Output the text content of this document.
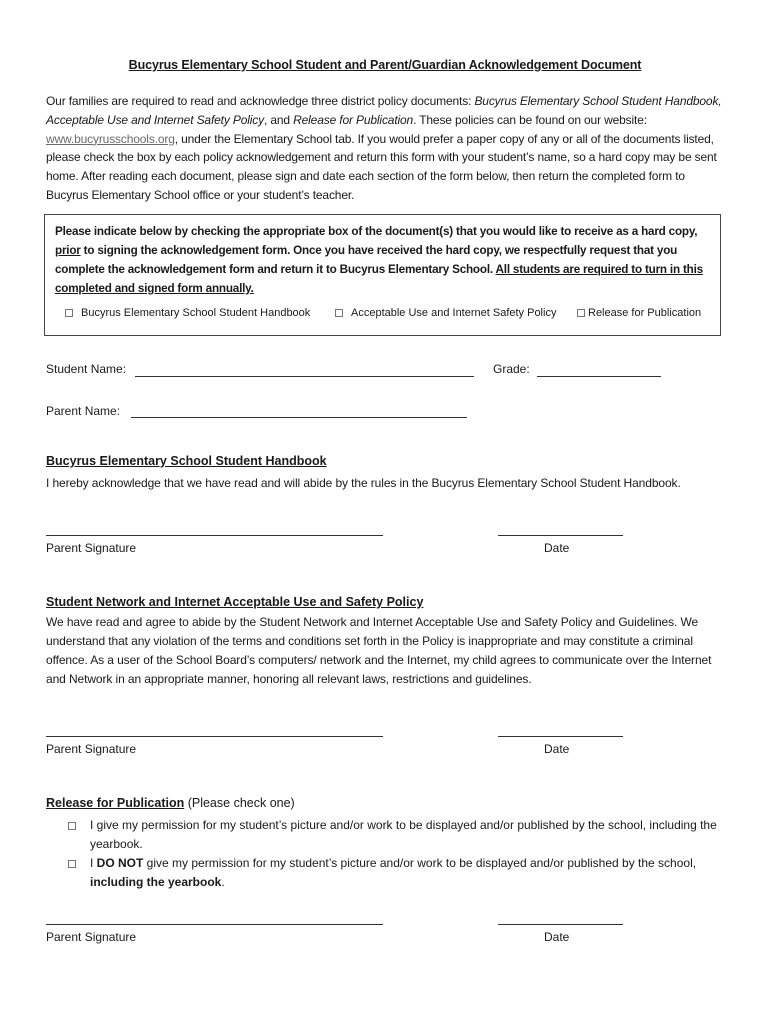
Bucyrus Elementary School Student and Parent/Guardian Acknowledgement Document
Our families are required to read and acknowledge three district policy documents: Bucyrus Elementary School Student Handbook, Acceptable Use and Internet Safety Policy, and Release for Publication. These policies can be found on our website: www.bucyrusschools.org, under the Elementary School tab. If you would prefer a paper copy of any or all of the documents listed, please check the box by each policy acknowledgement and return this form with your student’s name, so a hard copy may be sent home. After reading each document, please sign and date each section of the form below, then return the completed form to Bucyrus Elementary School office or your student’s teacher.
Please indicate below by checking the appropriate box of the document(s) that you would like to receive as a hard copy, prior to signing the acknowledgement form. Once you have received the hard copy, we respectfully request that you complete the acknowledgement form and return it to Bucyrus Elementary School. All students are required to turn in this completed and signed form annually.
Bucyrus Elementary School Student Handbook	Acceptable Use and Internet Safety Policy	Release for Publication
Student Name:	Grade:
Parent Name:
Bucyrus Elementary School Student Handbook
I hereby acknowledge that we have read and will abide by the rules in the Bucyrus Elementary School Student Handbook.
Parent Signature	Date
Student Network and Internet Acceptable Use and Safety Policy
We have read and agree to abide by the Student Network and Internet Acceptable Use and Safety Policy and Guidelines. We understand that any violation of the terms and conditions set forth in the Policy is inappropriate and may constitute a criminal offence. As a user of the School Board’s computers/ network and the Internet, my child agrees to communicate over the Internet and Network in an appropriate manner, honoring all relevant laws, restrictions and guidelines.
Parent Signature	Date
Release for Publication (Please check one)
I give my permission for my student’s picture and/or work to be displayed and/or published by the school, including the yearbook.
I DO NOT give my permission for my student’s picture and/or work to be displayed and/or published by the school, including the yearbook.
Parent Signature	Date
